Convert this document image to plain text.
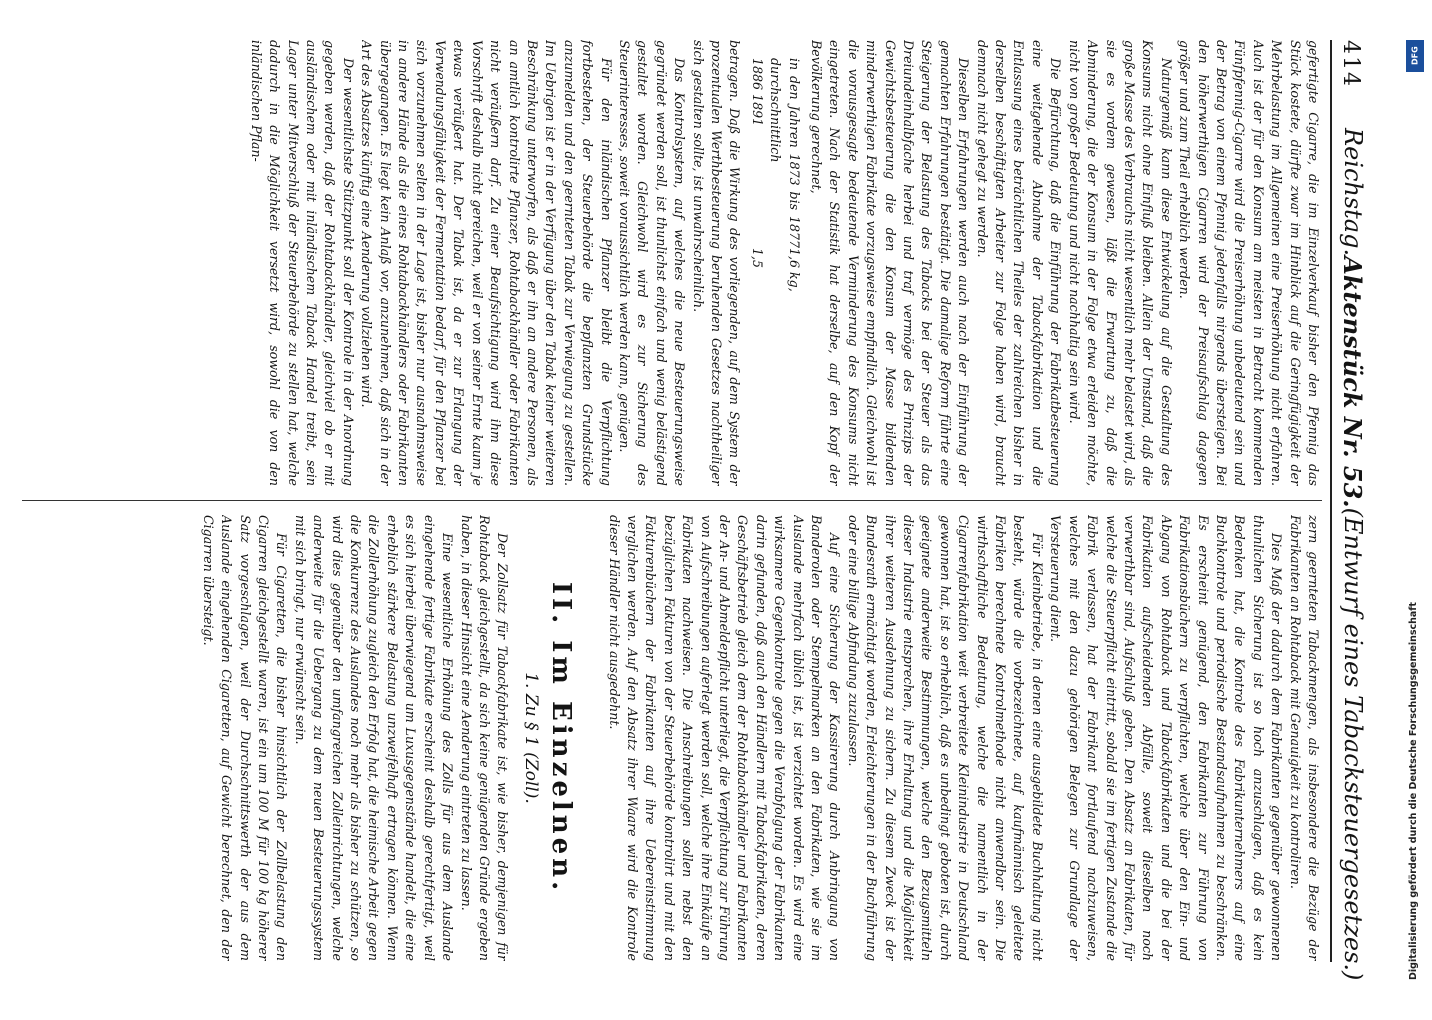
414
Reichstag.
Aktenstück Nr. 53.
(Entwurf eines Tabacksteuergesetzes.)

gefertigte Cigarre, die im Einzelverkauf bisher den Pfennig das Stück kostete, dürfte zwar im Hinblick auf die Geringfügigkeit der Mehrbelastung im Allgemeinen eine Preiserhöhung nicht erfahren. Auch ist der für den Konsum am meisten in Betracht kommenden Fünfpfennig-Cigarre wird die Preiserhöhung unbedeutend sein und der Betrag von einem Pfennig jedenfalls nirgends übersteigen. Bei den höherwerthigen Cigarren wird der Preisaufschlag dagegen größer und zum Theil erheblich werden.

Naturgemäß kann diese Entwickelung auf die Gestaltung des Konsums nicht ohne Einfluß bleiben. Allein der Umstand, daß die große Masse des Verbrauchs nicht wesentlich mehr belastet wird, als sie es vordem gewesen, läßt die Erwartung zu, daß die Abminderung, die der Konsum in der Folge etwa erleiden möchte, nicht von großer Bedeutung und nicht nachhaltig sein wird.

Die Befürchtung, daß die Einführung der Fabrikatbesteuerung eine weitgehende Abnahme der Tabackfabrikation und die Entlassung eines beträchtlichen Theiles der zahlreichen bisher in derselben beschäftigten Arbeiter zur Folge haben wird, braucht demnach nicht gehegt zu werden.

Dieselben Erfahrungen werden auch nach der Einführung der gemachten Erfahrungen bestätigt. Die damalige Reform führte eine Steigerung der Belastung des Tabacks bei der Steuer als das Dreiundeinhalbfache herbei und traf vermöge des Prinzips der Gewichtsbesteuerung die den Konsum der Masse bildenden minderwerthigen Fabrikate vorzugsweise empfindlich. Gleichwohl ist die vorausgesagte bedeutende Verminderung des Konsums nicht eingetreten. Nach der Statistik hat derselbe, auf den Kopf der Bevölkerung gerechnet,

in den Jahren 1873 bis 1877 durchschnittlich
1,6 kg,
1886 1891
1,5

betragen. Daß die Wirkung des vorliegenden, auf dem System der prozentualen Werthbesteuerung beruhenden Gesetzes nachtheiliger sich gestalten sollte, ist unwahrscheinlich.

Das Kontrolsystem, auf welches die neue Besteuerungsweise gegründet werden soll, ist thunlichst einfach und wenig belästigend gestaltet worden. Gleichwohl wird es zur Sicherung des Steuerinteresses, soweit voraussichtlich werden kann, genügen.

Für den inländischen Pflanzer bleibt die Verpflichtung fortbestehen, der Steuerbehörde die bepflanzten Grundstücke anzumelden und den geernteten Tabak zur Verwiegung zu gestellen. Im Uebrigen ist er in der Verfügung über den Tabak keiner weiteren Beschränkung unterworfen, als daß er ihn an andere Personen, als an amtlich kontrolirte Pflanzer, Rohtabackhändler oder Fabrikanten nicht veräußern darf. Zu einer Beaufsichtigung wird ihm diese Vorschrift deshalb nicht gereichen, weil er von seiner Ernte kaum je etwas veräußert hat. Der Tabak ist, da er zur Erlangung der Verwendungsfähigkeit der Fermentation bedarf, für den Pflanzer bei sich vorzunehmen selten in der Lage ist, bisher nur ausnahmsweise in andere Hände als die eines Rohtabackhändlers oder Fabrikanten übergegangen. Es liegt kein Anlaß vor, anzunehmen, daß sich in der Art des Absatzes künftig eine Aenderung vollziehen wird.

Der wesentlichste Stützpunkt soll der Kontrole in der Anordnung gegeben werden, daß der Rohtabackhändler, gleichviel ob er mit ausländischem oder mit inländischem Taback Handel treibt, sein Lager unter Mitverschluß der Steuerbehörde zu stellen hat, welche dadurch in die Möglichkeit versetzt wird, sowohl die von den inländischen Pflan-

zern geernteten Tabackmengen, als insbesondere die Bezüge der Fabrikanten an Rohtaback mit Genauigkeit zu kontroliren.

Dies Maß der dadurch dem Fabrikanten gegenüber gewonnenen thunlichen Sicherung ist so hoch anzuschlagen, daß es kein Bedenken hat, die Kontrole des Fabrikunternehmers auf eine Buchkontrole und periodische Bestandsaufnahmen zu beschränken. Es erscheint genügend, den Fabrikanten zur Führung von Fabrikationsbüchern zu verpflichten, welche über den Ein- und Abgang von Rohtaback und Tabackfabrikaten und die bei der Fabrikation aufscheidenden Abfälle, soweit dieselben noch verwerthbar sind, Aufschluß geben. Den Absatz an Fabrikaten, für welche die Steuerpflicht eintritt, sobald sie im fertigen Zustande die Fabrik verlassen, hat der Fabrikant fortlaufend nachzuweisen, welches mit den dazu gehörigen Belegen zur Grundlage der Versteuerung dient.

Für Kleinbetriebe, in denen eine ausgebildete Buchhaltung nicht besteht, würde die vorbezeichnete, auf kaufmännisch geleitete Fabriken berechnete Kontrolmethode nicht anwendbar sein. Die wirthschaftliche Bedeutung, welche die namentlich in der Cigarrenfabrikation weit verbreitete Kleinindustrie in Deutschland gewonnen hat, ist so erheblich, daß es unbedingt geboten ist, durch geeignete anderweite Bestimmungen, welche den Bezugsmitteln dieser Industrie entsprechen, ihre Erhaltung und die Möglichkeit ihrer weiteren Ausdehnung zu sichern. Zu diesem Zweck ist der Bundesrath ermächtigt worden, Erleichterungen in der Buchführung oder eine billige Abfindung zuzulassen.

Auf eine Sicherung der Kassirerung durch Anbringung von Banderolen oder Stempelmarken an den Fabrikaten, wie sie im Auslande mehrfach üblich ist, ist verzichtet worden. Es wird eine wirksamere Gegenkontrole gegen die Verabfolgung der Fabrikanten darin gefunden, daß auch den Händlern mit Tabackfabrikaten, deren Geschäftsbetrieb gleich dem der Rohtabackhändler und Fabrikanten der An- und Abmeldepflicht unterliegt, die Verpflichtung zur Führung von Aufschreibungen auferlegt werden soll, welche ihre Einkäufe an Fabrikaten nachweisen. Die Anschreibungen sollen nebst den bezüglichen Fakturen von der Steuerbehörde kontrolirt und mit den Fakturenbüchern der Fabrikanten auf ihre Uebereinstimmung verglichen werden. Auf den Absatz ihrer Waare wird die Kontrole dieser Händler nicht ausgedehnt.

II. Im Einzelnen.
1. Zu § 1 (Zoll).

Der Zollsatz für Tabackfabrikate ist, wie bisher, demjenigen für Rohtaback gleichgestellt, da sich keine genügenden Gründe ergeben haben, in dieser Hinsicht eine Aenderung eintreten zu lassen.

Eine wesentliche Erhöhung des Zolls für aus dem Auslande eingehende fertige Fabrikate erscheint deshalb gerechtfertigt, weil es sich hierbei überwiegend um Luxusgegenstände handelt, die eine erheblich stärkere Belastung unzweifelhaft ertragen können. Wenn die Zollerhöhung zugleich den Erfolg hat, die heimische Arbeit gegen die Konkurrenz des Auslandes noch mehr als bisher zu schützen, so wird dies gegenüber den umfangreichen Zolleinrichtungen, welche anderweite für die Uebergang zu dem neuen Besteuerungssystem mit sich bringt, nur erwünscht sein.

Für Cigaretten, die bisher hinsichtlich der Zollbelastung den Cigarren gleichgestellt waren, ist ein um 100 M für 100 kg höherer Satz vorgeschlagen, weil der Durchschnittswerth der aus dem Auslande eingehenden Cigaretten, auf Gewicht berechnet, den der Cigarren übersteigt.

DFG
Digitalisierung gefördert durch die Deutsche Forschungsgemeinschaft
